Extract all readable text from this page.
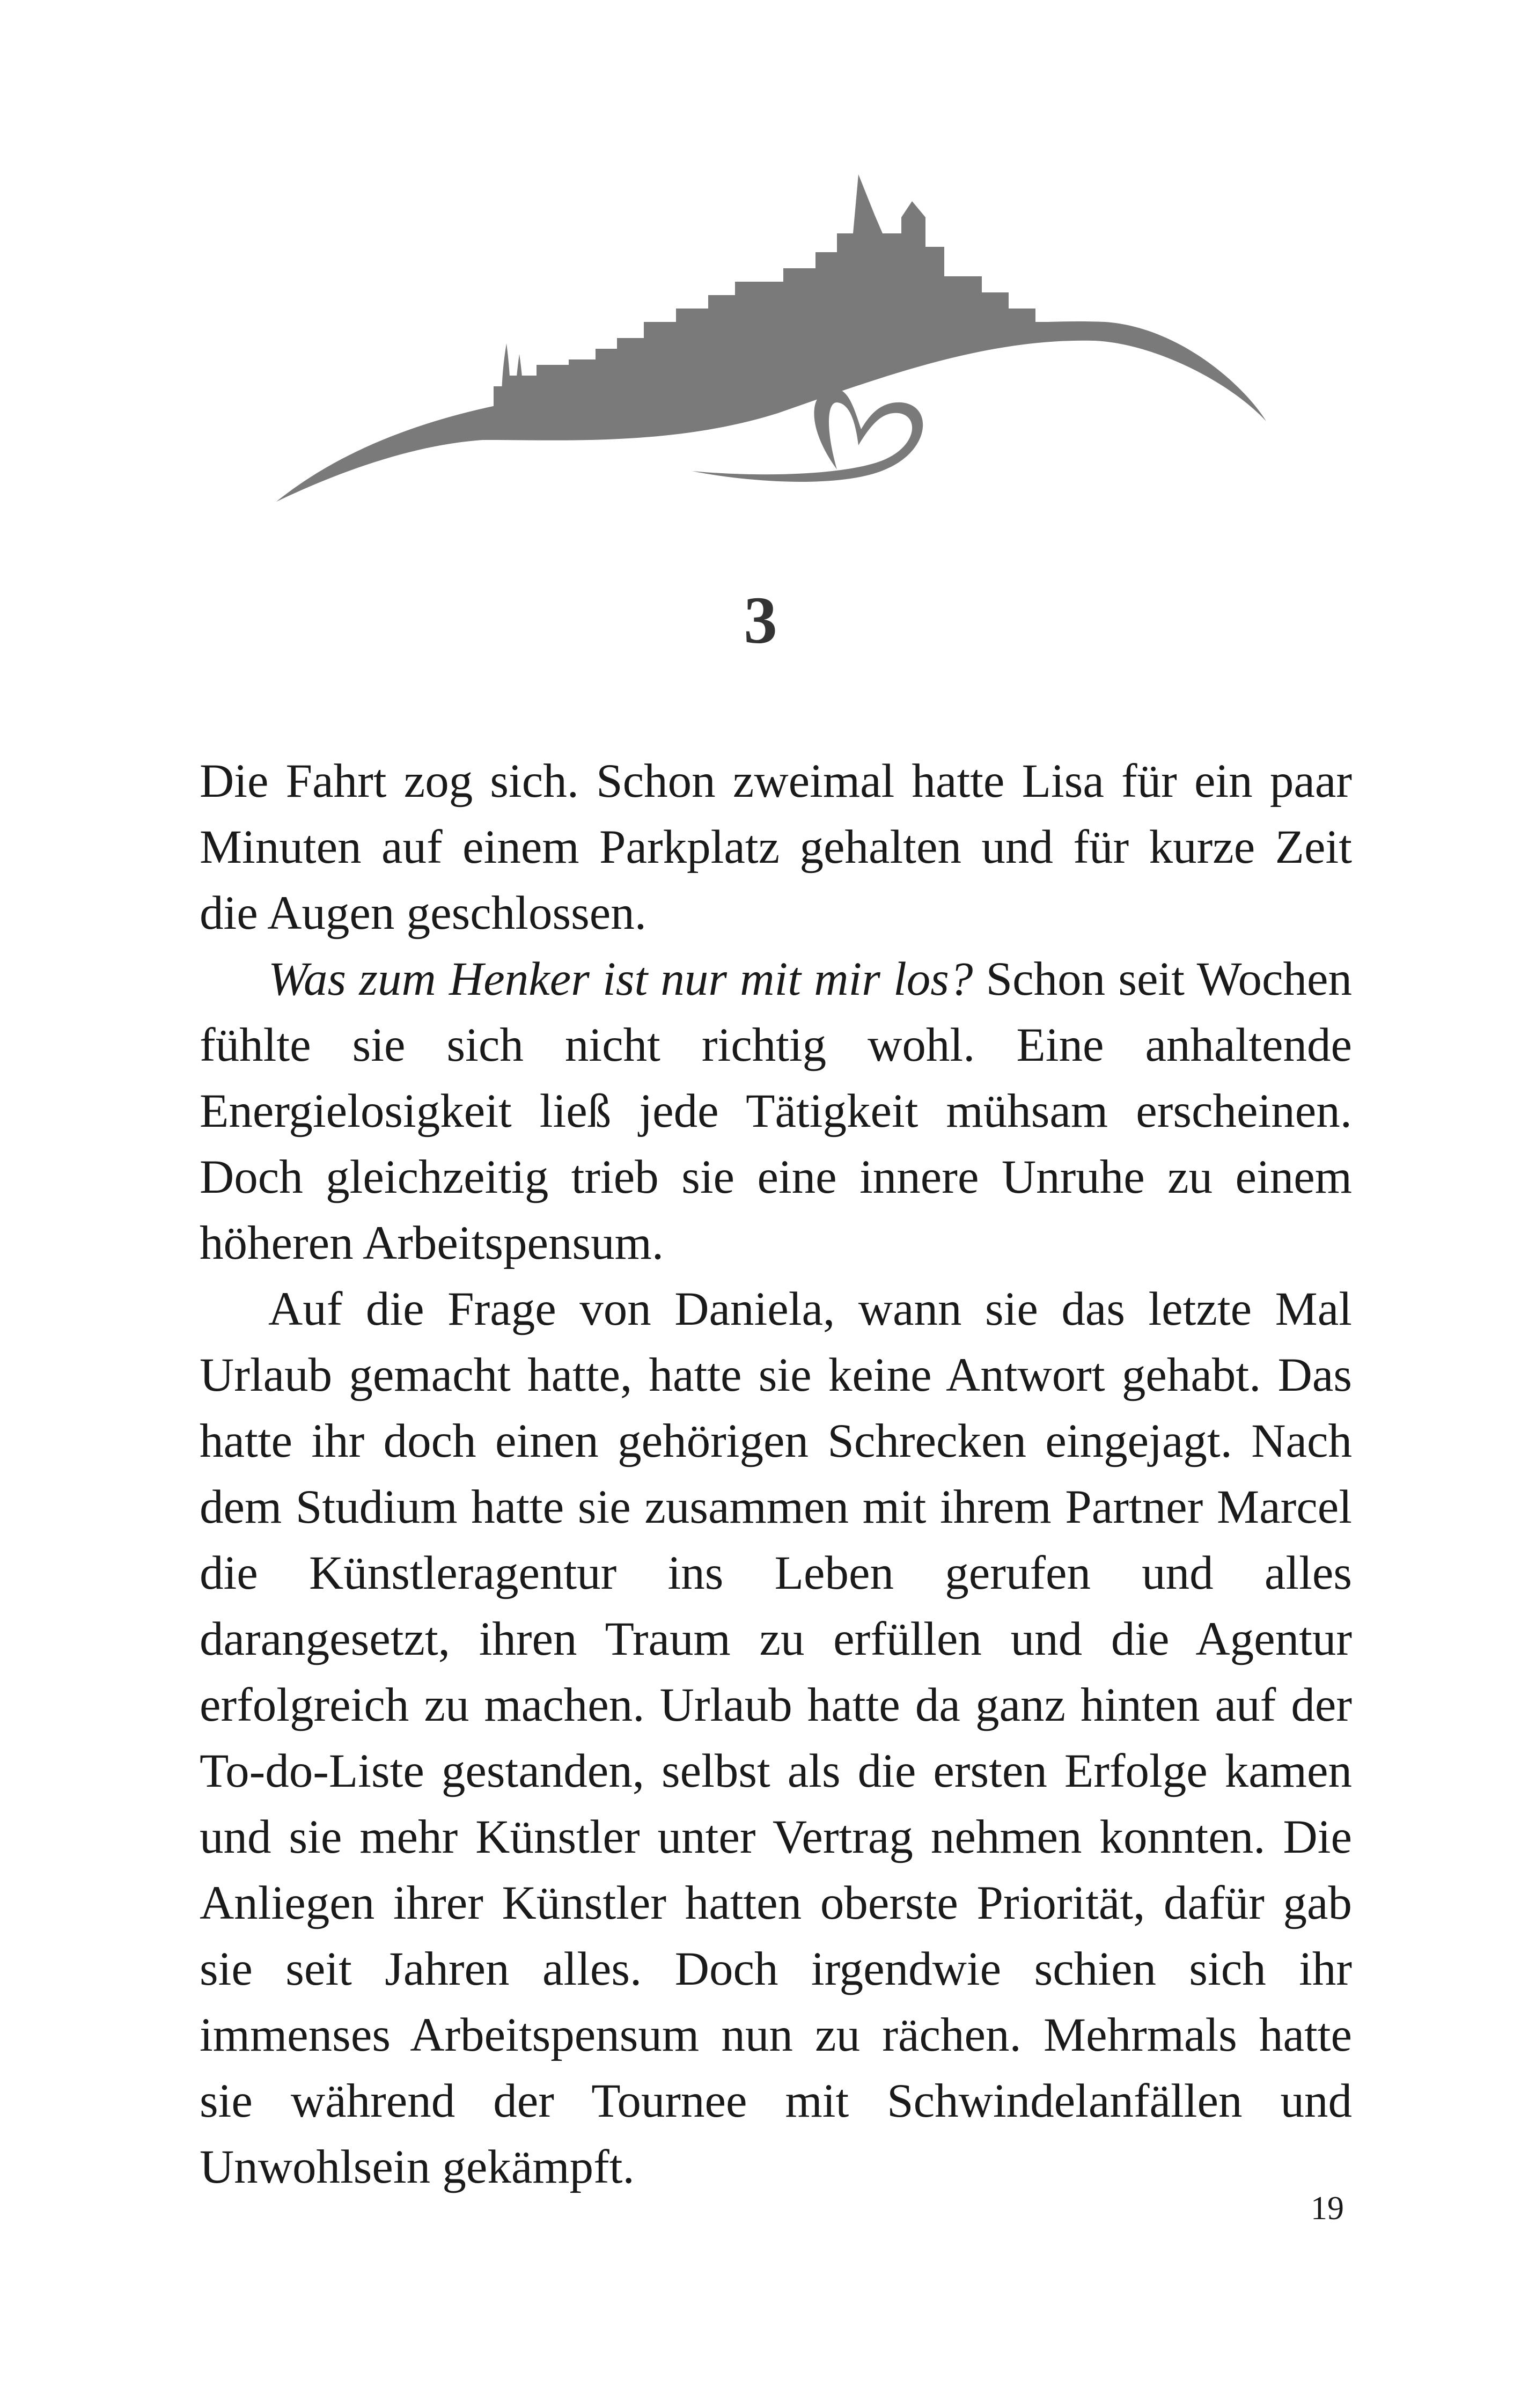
3

Die Fahrt zog sich. Schon zweimal hatte Lisa für ein paar Minuten auf einem Parkplatz gehalten und für kurze Zeit die Augen geschlossen.

Was zum Henker ist nur mit mir los? Schon seit Wochen fühlte sie sich nicht richtig wohl. Eine anhaltende Energielosigkeit ließ jede Tätigkeit mühsam erscheinen. Doch gleichzeitig trieb sie eine innere Unruhe zu einem höheren Arbeitspensum.

Auf die Frage von Daniela, wann sie das letzte Mal Urlaub gemacht hatte, hatte sie keine Antwort gehabt. Das hatte ihr doch einen gehörigen Schrecken eingejagt. Nach dem Studium hatte sie zusammen mit ihrem Partner Marcel die Künstleragentur ins Leben gerufen und alles darangesetzt, ihren Traum zu erfüllen und die Agentur erfolgreich zu machen. Urlaub hatte da ganz hinten auf der To-do-Liste gestanden, selbst als die ersten Erfolge kamen und sie mehr Künstler unter Vertrag nehmen konnten. Die Anliegen ihrer Künstler hatten oberste Priorität, dafür gab sie seit Jahren alles. Doch irgendwie schien sich ihr immenses Arbeitspensum nun zu rächen. Mehrmals hatte sie während der Tournee mit Schwindelanfällen und Unwohlsein gekämpft.

19
